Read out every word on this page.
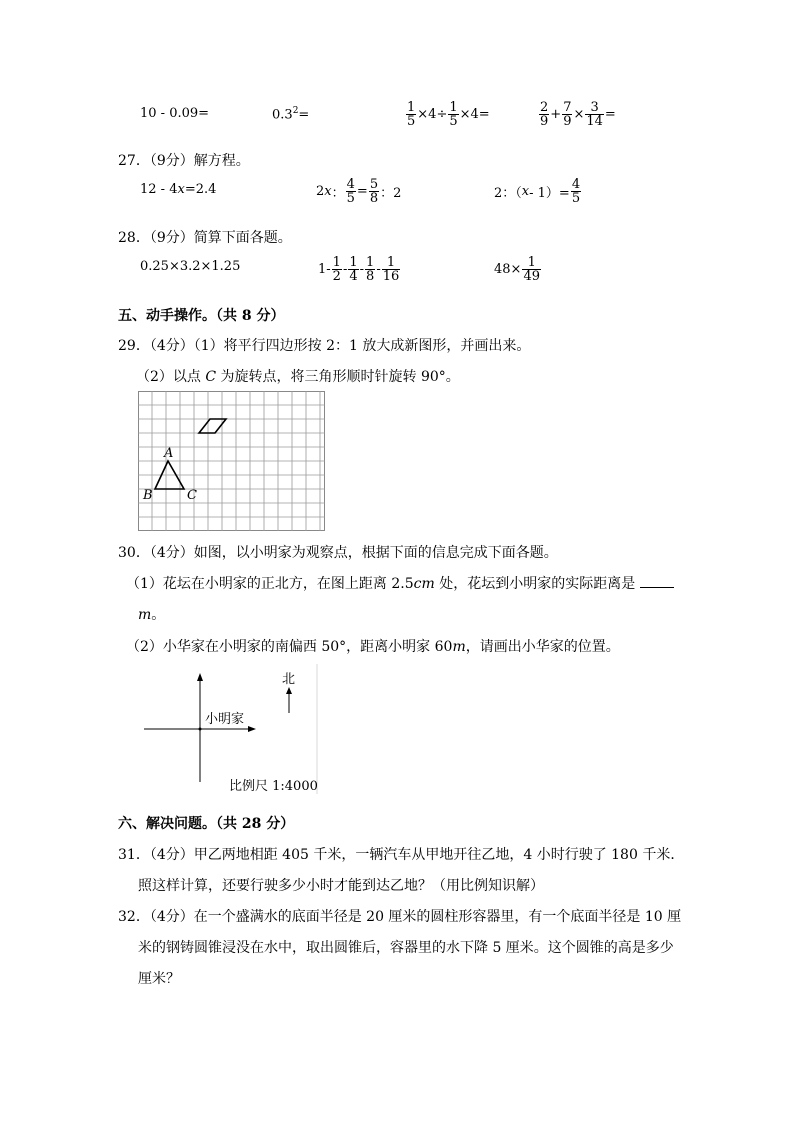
10 - 0.09=	$0.3^2=$	$\frac{1}{5} \times 4\div \frac{1}{5} \times 4=$	$\frac{2}{9} + \frac{7}{9} \times \frac{3}{14}$ =
27．（9分）解方程。
12 - 4x=2.4	2 x ： $\frac{4}{5} = \frac{5}{8}$ ：2	2：（ $x - 1)= \frac{4}{5}$
28．（9分）简算下面各题。
0.25×3.2×1.25	$1- \frac{1}{2} - \frac{1}{4} - \frac{1}{8} - \frac{1}{16}$	$48\times \frac{1}{49}$
五、动手操作。（共 8 分）
29．（4分）（1）将平行四边形按 2：1 放大成新图形，并画出来。
（2）以点 C 为旋转点，将三角形顺时针旋转 90°。
A
B	C
30．（4分）如图，以小明家为观察点，根据下面的信息完成下面各题。
（1）花坛在小明家的正北方，在图上距离 2.5cm 处，花坛到小明家的实际距离是
m。
（2）小华家在小明家的南偏西 50°，距离小明家 60m，请画出小华家的位置。
小明家
北
比例尺 1:4000
六、解决问题。（共 28 分）
31．（4分）甲乙两地相距 405 千米，一辆汽车从甲地开往乙地，4 小时行驶了 180 千米．
照这样计算，还要行驶多少小时才能到达乙地？（用比例知识解）
32．（4分）在一个盛满水的底面半径是 20 厘米的圆柱形容器里，有一个底面半径是 10 厘
米的钢铸圆锥浸没在水中，取出圆锥后，容器里的水下降 5 厘米。这个圆锥的高是多少
厘米？
